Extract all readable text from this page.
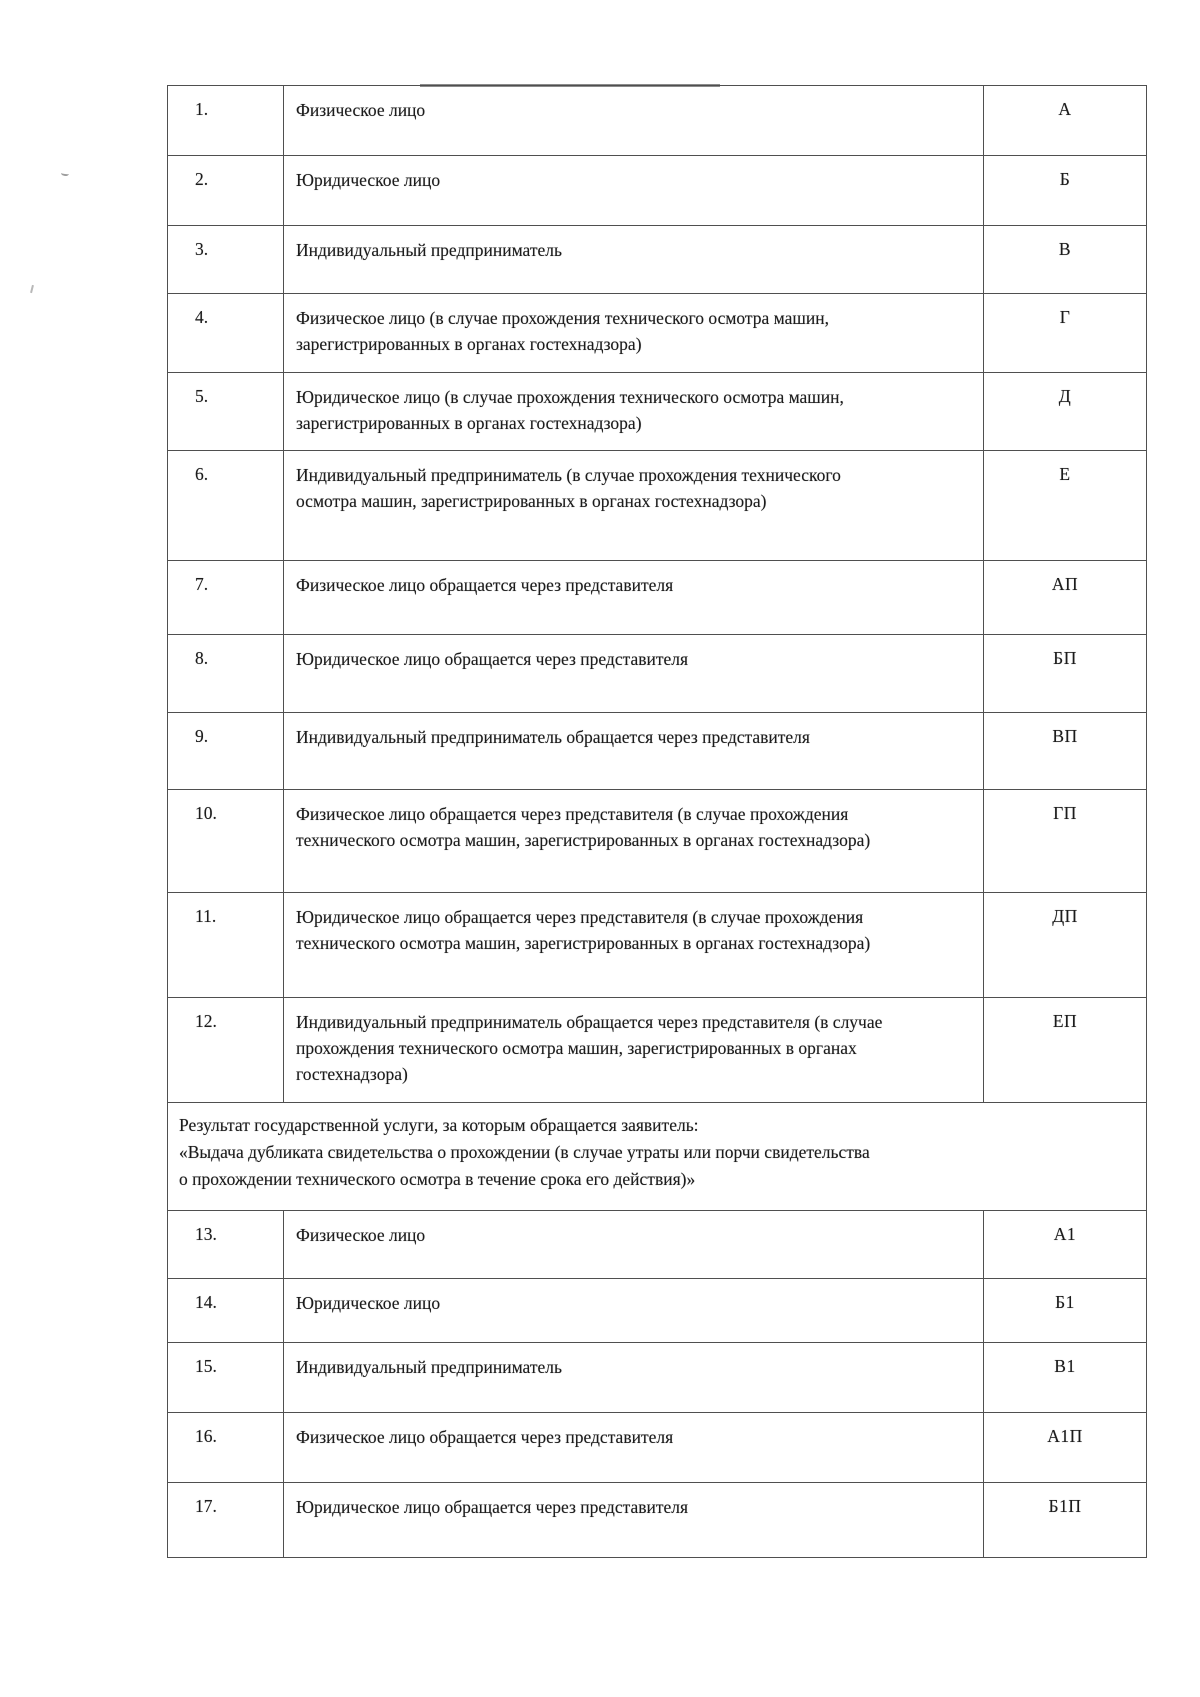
1.	Физическое лицо	А
2.	Юридическое лицо	Б
3.	Индивидуальный предприниматель	В
4.	Физическое лицо (в случае прохождения технического осмотра машин, зарегистрированных в органах гостехнадзора)	Г
5.	Юридическое лицо (в случае прохождения технического осмотра машин, зарегистрированных в органах гостехнадзора)	Д
6.	Индивидуальный предприниматель (в случае прохождения технического осмотра машин, зарегистрированных в органах гостехнадзора)	Е
7.	Физическое лицо обращается через представителя	АП
8.	Юридическое лицо обращается через представителя	БП
9.	Индивидуальный предприниматель обращается через представителя	ВП
10.	Физическое лицо обращается через представителя (в случае прохождения технического осмотра машин, зарегистрированных в органах гостехнадзора)	ГП
11.	Юридическое лицо обращается через представителя (в случае прохождения технического осмотра машин, зарегистрированных в органах гостехнадзора)	ДП
12.	Индивидуальный предприниматель обращается через представителя (в случае прохождения технического осмотра машин, зарегистрированных в органах гостехнадзора)	ЕП

Результат государственной услуги, за которым обращается заявитель:
«Выдача дубликата свидетельства о прохождении (в случае утраты или порчи свидетельства
о прохождении технического осмотра в течение срока его действия)»		

13.	Физическое лицо	А1
14.	Юридическое лицо	Б1
15.	Индивидуальный предприниматель	В1
16.	Физическое лицо обращается через представителя	А1П
17.	Юридическое лицо обращается через представителя	Б1П
